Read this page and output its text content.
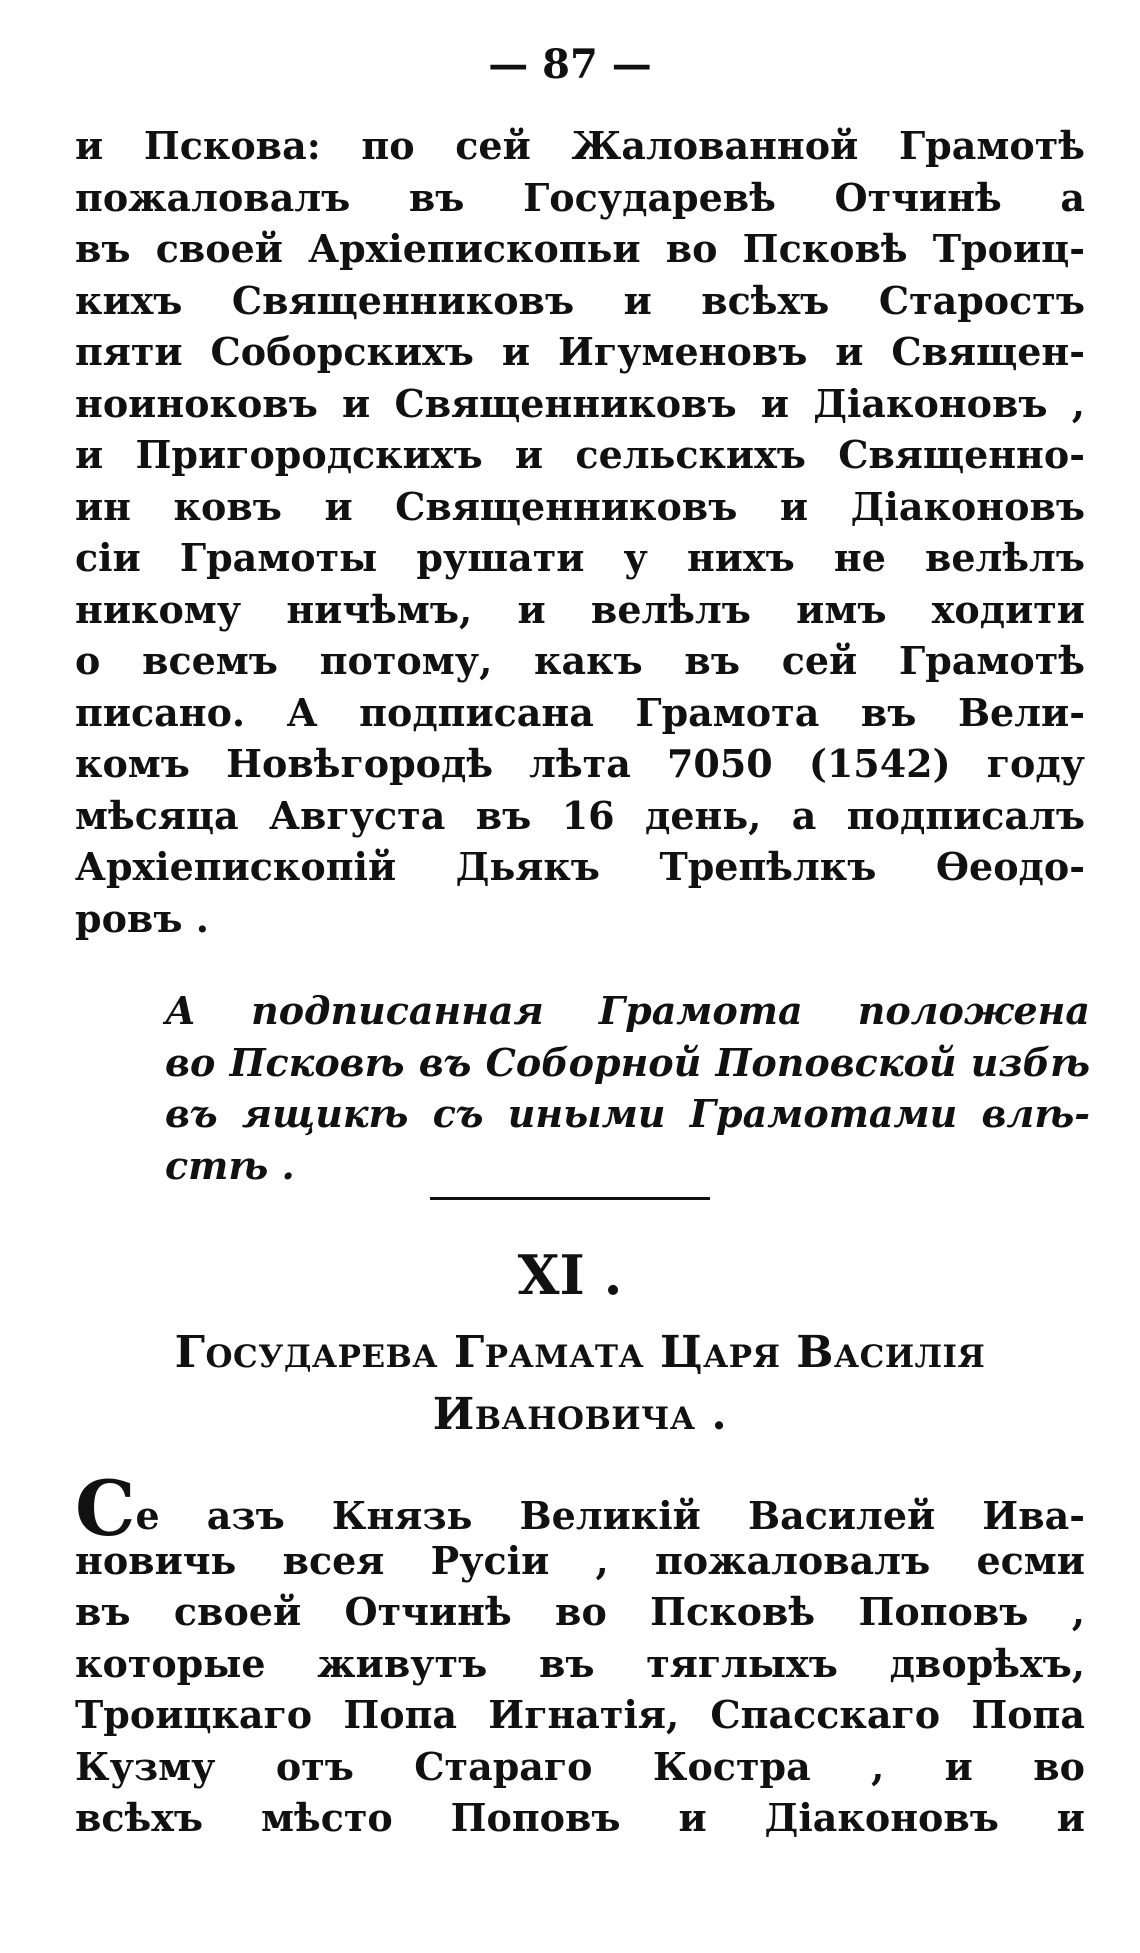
— 87 —
и Пскова: по сей Жалованной Грамотѣ
пожаловалъ въ Государевѣ Отчинѣ а
въ своей Архіепископьи во Псковѣ Троиц-
кихъ Священниковъ и всѣхъ Старостъ
пяти Соборскихъ и Игуменовъ и Священ-
ноиноковъ и Священниковъ и Діаконовъ ,
и Пригородскихъ и сельскихъ Священно-
ин ковъ и Священниковъ и Діаконовъ
сіи Грамоты рушати у нихъ не велѣлъ
никому ничѣмъ, и велѣлъ имъ ходити
о всемъ потому, какъ въ сей Грамотѣ
писано. А подписана Грамота въ Вели-
комъ Новѣгородѣ лѣта 7050 (1542) году
мѣсяца Августа въ 16 день, а подписалъ
Архіепископій Дьякъ Трепѣлкъ Ѳеодо-
ровъ .
А подписанная Грамота положена
во Псковѣ въ Соборной Поповской избѣ
въ ящикѣ съ иными Грамотами влѣ-
стѣ .
XI .
Государева Грамата Царя Василія
Ивановича .
Се азъ Князь Великій Василей Ива-
новичь всея Русіи , пожаловалъ есми
въ своей Отчинѣ во Псковѣ Поповъ ,
которые живутъ въ тяглыхъ дворѣхъ,
Троицкаго Попа Игнатія, Спасскаго Попа
Кузму отъ Стараго Костра , и во
всѣхъ мѣсто Поповъ и Діаконовъ и
